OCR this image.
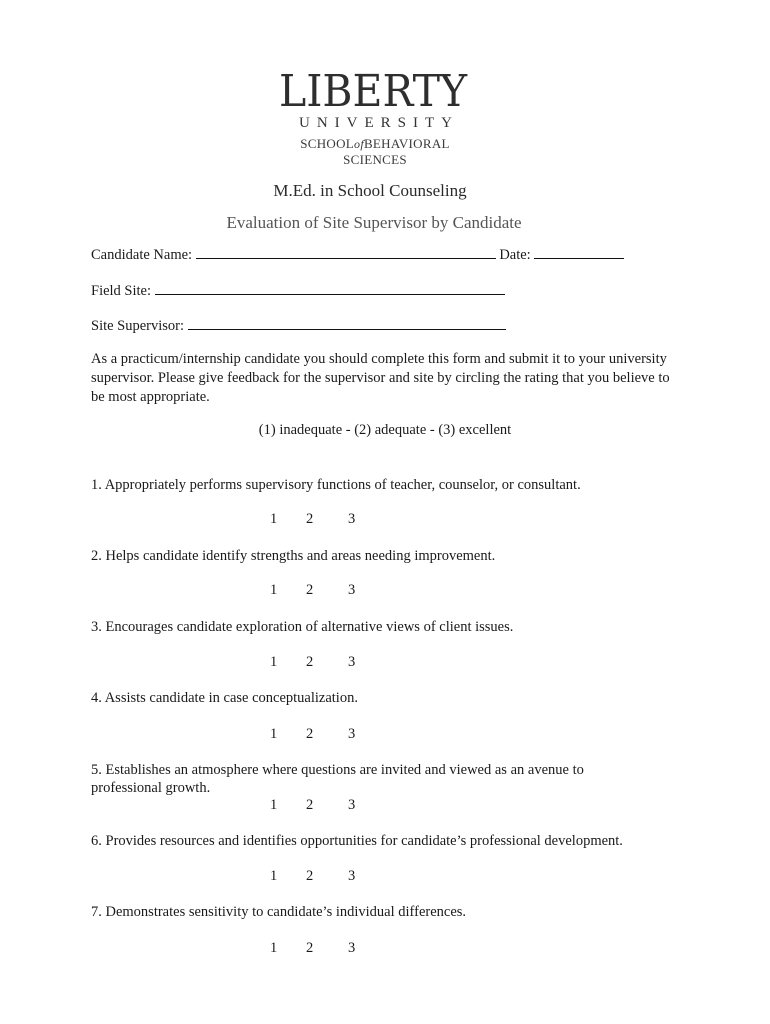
LIBERTY
UNIVERSITY
SCHOOLofBEHAVIORAL
SCIENCES
M.Ed. in School Counseling
Evaluation of Site Supervisor by Candidate
Candidate Name:	Date:
Field Site:
Site Supervisor:
As a practicum/internship candidate you should complete this form and submit it to your university supervisor. Please give feedback for the supervisor and site by circling the rating that you believe to be most appropriate.
(1) inadequate - (2) adequate - (3) excellent
1. Appropriately performs supervisory functions of teacher, counselor, or consultant.
1 2 3
2. Helps candidate identify strengths and areas needing improvement.
1 2 3
3. Encourages candidate exploration of alternative views of client issues.
1 2 3
4. Assists candidate in case conceptualization.
1 2 3
5. Establishes an atmosphere where questions are invited and viewed as an avenue to professional growth.
1 2 3
6. Provides resources and identifies opportunities for candidate’s professional development.
1 2 3
7. Demonstrates sensitivity to candidate’s individual differences.
1 2 3
